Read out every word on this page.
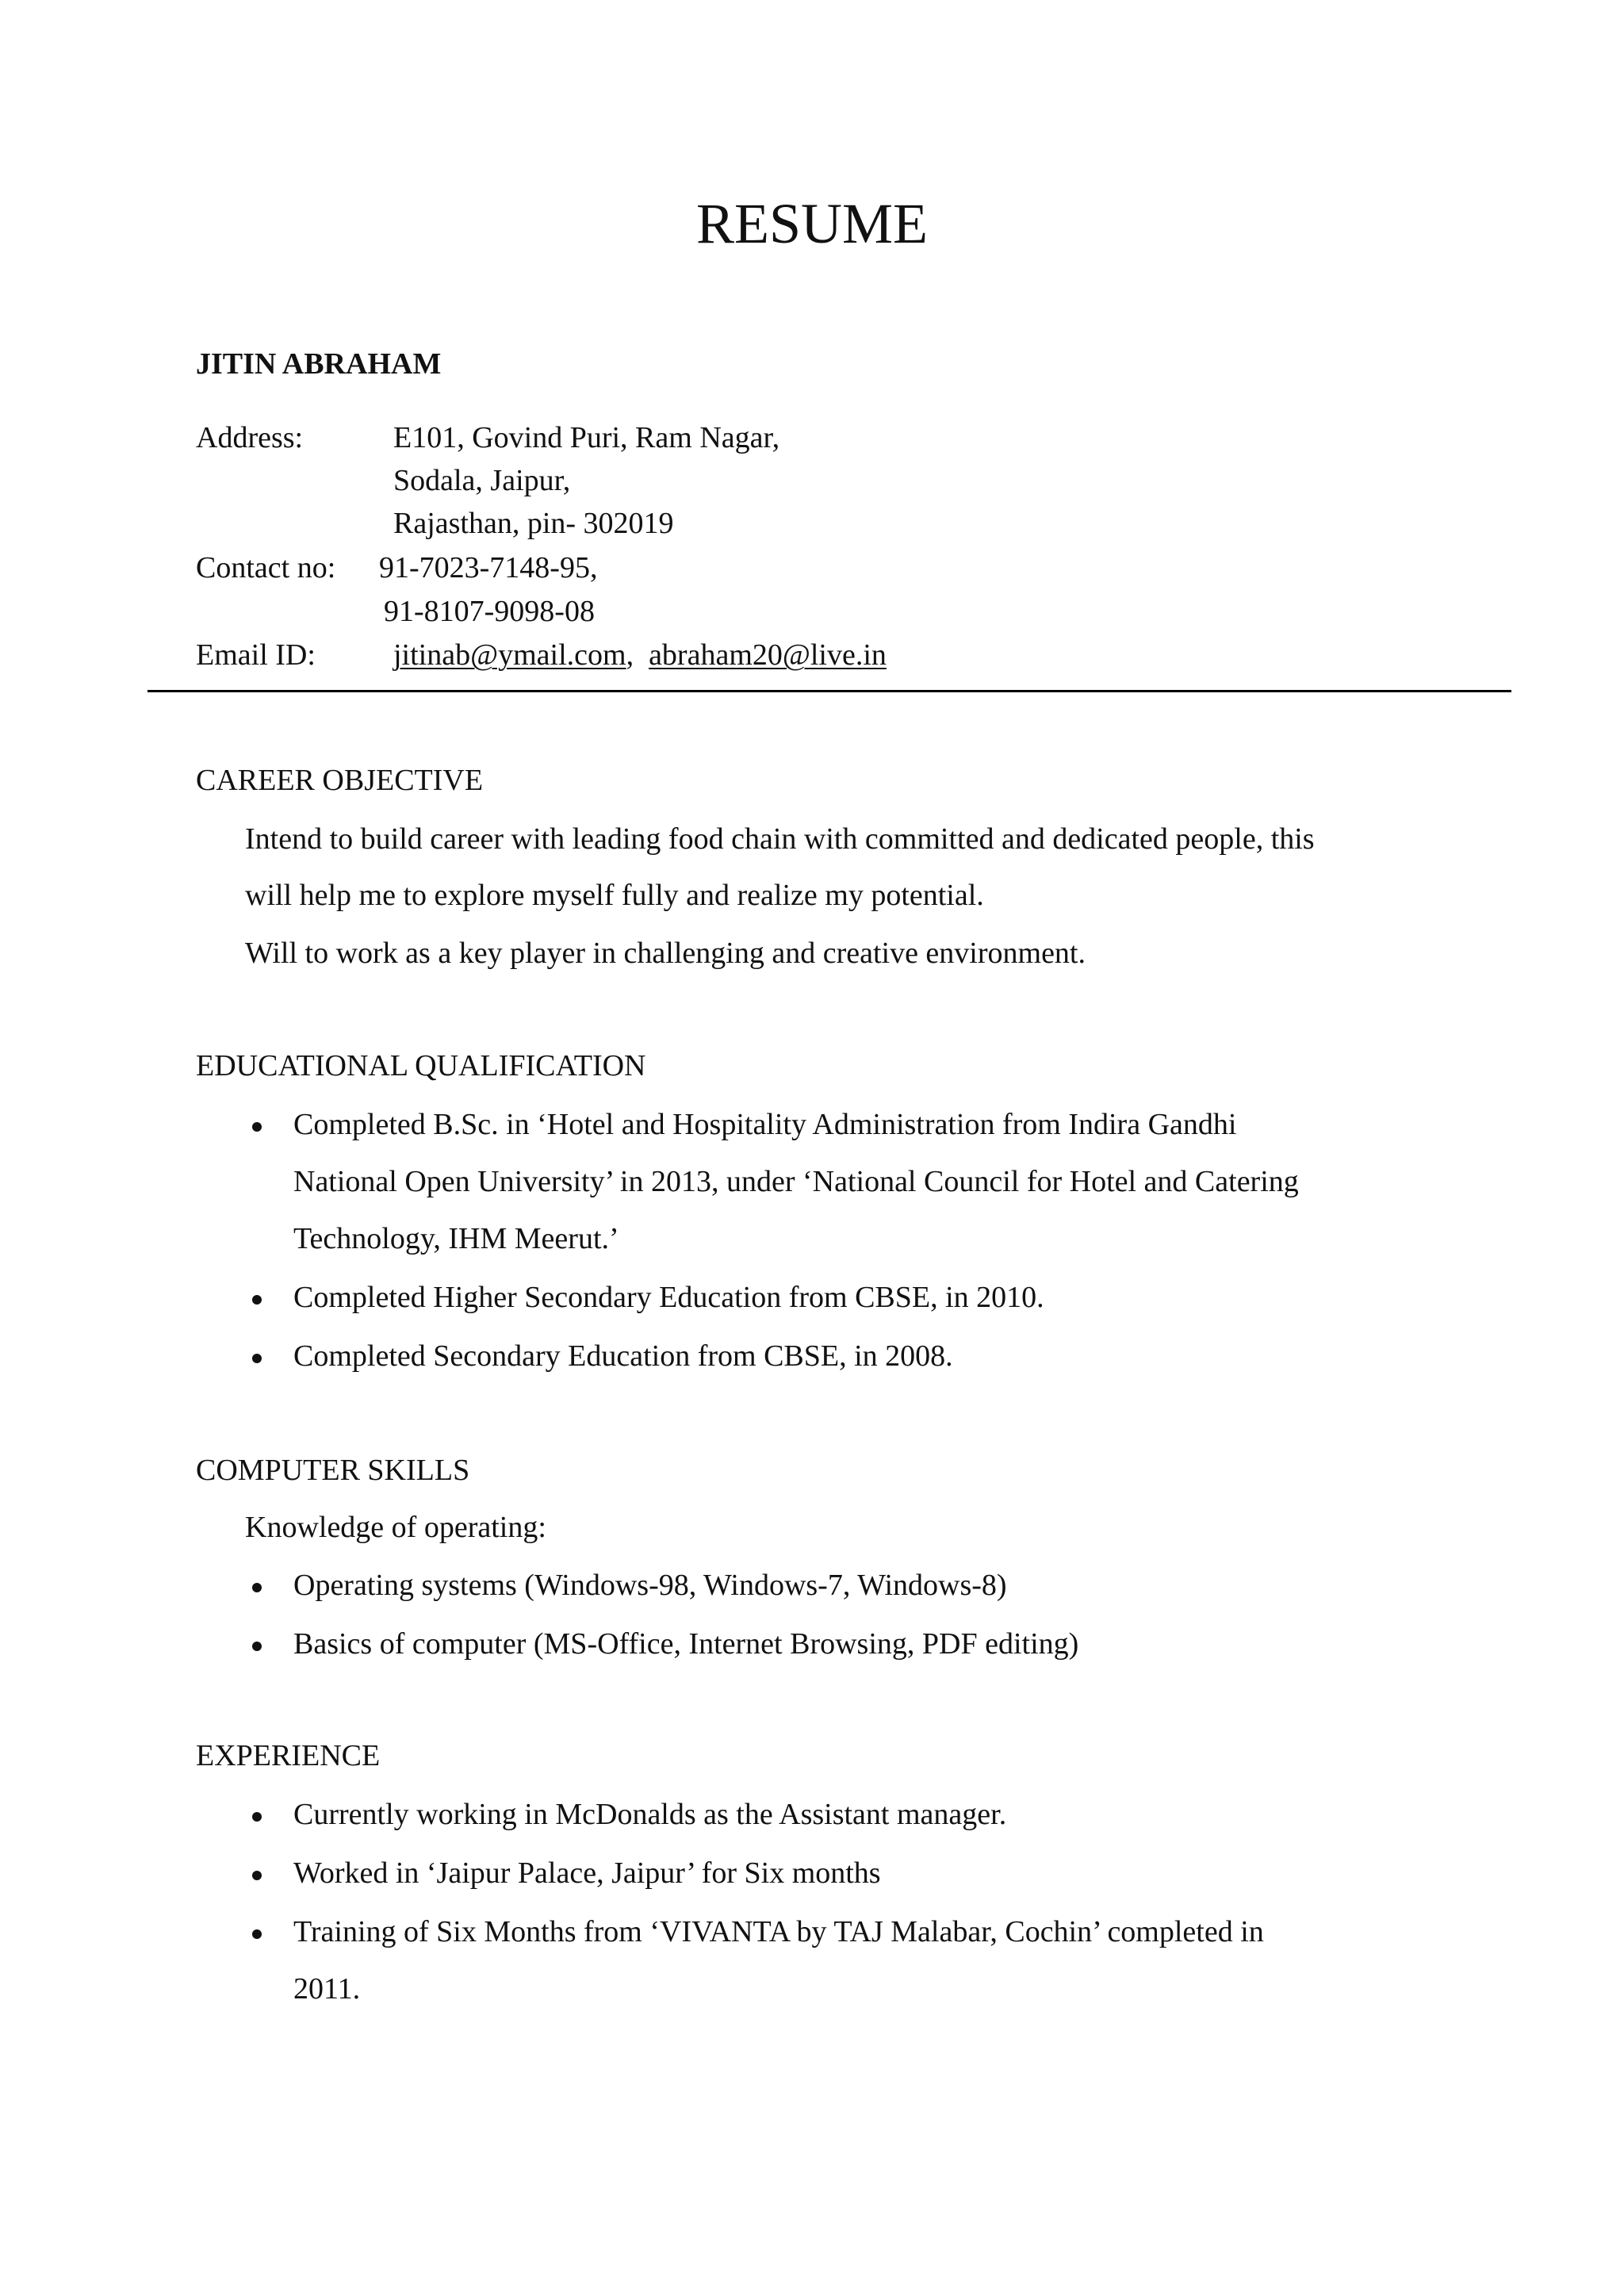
RESUME
JITIN ABRAHAM
Address:	E101, Govind Puri, Ram Nagar,
Sodala, Jaipur,
Rajasthan, pin- 302019
Contact no: 91-7023-7148-95,
91-8107-9098-08
Email ID:	jitinab@ymail.com, abraham20@live.in
CAREER OBJECTIVE
Intend to build career with leading food chain with committed and dedicated people, this
will help me to explore myself fully and realize my potential.
Will to work as a key player in challenging and creative environment.
EDUCATIONAL QUALIFICATION
Completed B.Sc. in ‘Hotel and Hospitality Administration from Indira Gandhi
National Open University’ in 2013, under ‘National Council for Hotel and Catering
Technology, IHM Meerut.’
Completed Higher Secondary Education from CBSE, in 2010.
Completed Secondary Education from CBSE, in 2008.
COMPUTER SKILLS
Knowledge of operating:
Operating systems (Windows-98, Windows-7, Windows-8)
Basics of computer (MS-Office, Internet Browsing, PDF editing)
EXPERIENCE
Currently working in McDonalds as the Assistant manager.
Worked in ‘Jaipur Palace, Jaipur’ for Six months
Training of Six Months from ‘VIVANTA by TAJ Malabar, Cochin’ completed in
2011.
